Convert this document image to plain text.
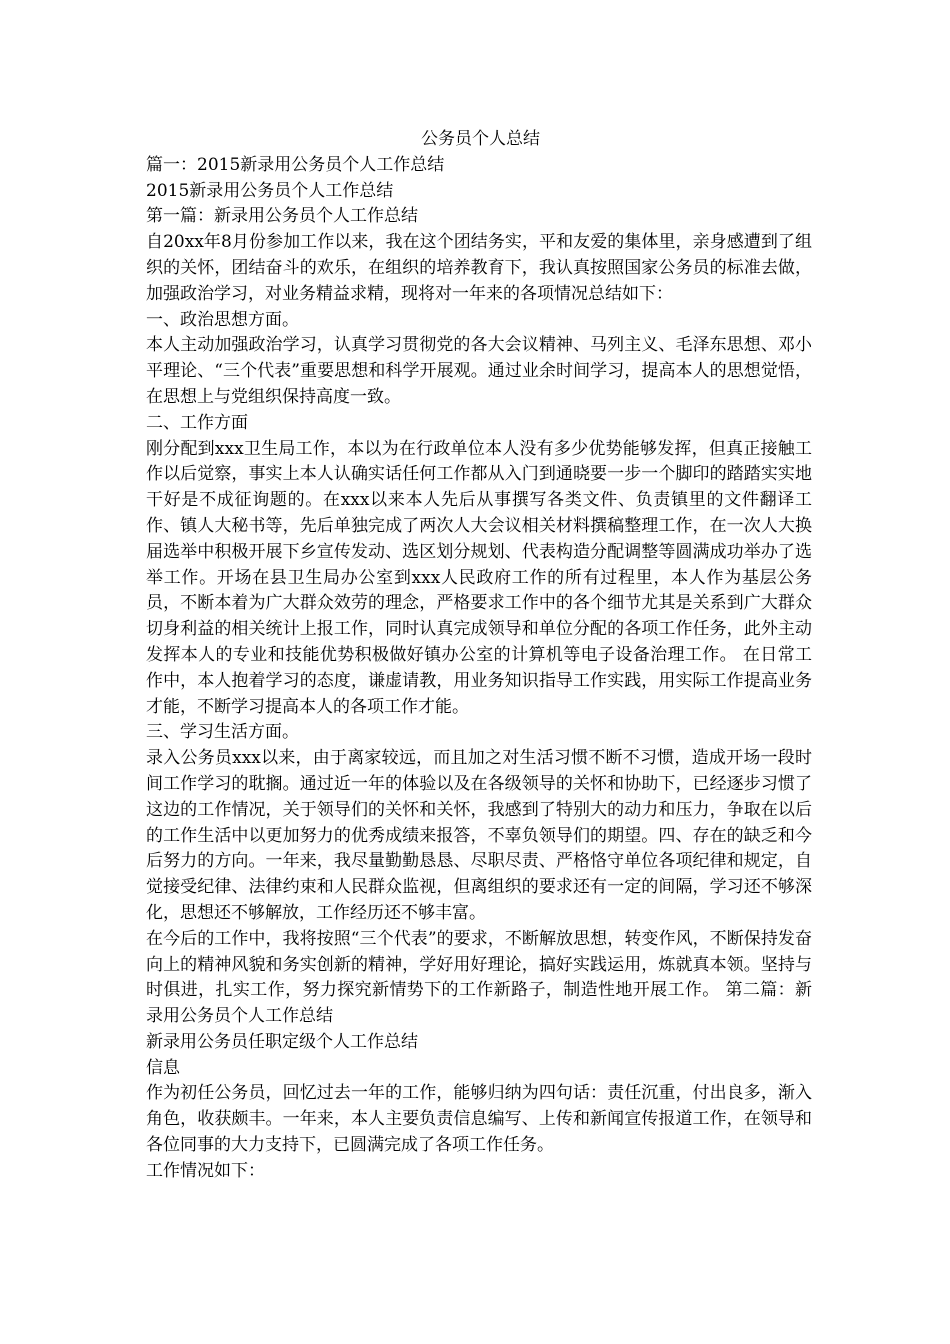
公务员个人总结

篇一：2015新录用公务员个人工作总结

2015新录用公务员个人工作总结

第一篇：新录用公务员个人工作总结

自20xx年8月份参加工作以来，我在这个团结务实，平和友爱的集体里，亲身感遭到了组织的关怀，团结奋斗的欢乐，在组织的培养教育下，我认真按照国家公务员的标准去做，加强政治学习，对业务精益求精，现将对一年来的各项情况总结如下：

一、政治思想方面。

本人主动加强政治学习，认真学习贯彻党的各大会议精神、马列主义、毛泽东思想、邓小平理论、“三个代表”重要思想和科学开展观。通过业余时间学习，提高本人的思想觉悟，在思想上与党组织保持高度一致。

二、工作方面

刚分配到xxx卫生局工作，本以为在行政单位本人没有多少优势能够发挥，但真正接触工作以后觉察，事实上本人认确实话任何工作都从入门到通晓要一步一个脚印的踏踏实实地干好是不成征询题的。在xxx以来本人先后从事撰写各类文件、负责镇里的文件翻译工作、镇人大秘书等，先后单独完成了两次人大会议相关材料撰稿整理工作，在一次人大换届选举中积极开展下乡宣传发动、选区划分规划、代表构造分配调整等圆满成功举办了选举工作。开场在县卫生局办公室到xxx人民政府工作的所有过程里，本人作为基层公务员，不断本着为广大群众效劳的理念，严格要求工作中的各个细节尤其是关系到广大群众切身利益的相关统计上报工作，同时认真完成领导和单位分配的各项工作任务，此外主动发挥本人的专业和技能优势积极做好镇办公室的计算机等电子设备治理工作。 在日常工作中，本人抱着学习的态度，谦虚请教，用业务知识指导工作实践，用实际工作提高业务才能，不断学习提高本人的各项工作才能。

三、学习生活方面。

录入公务员xxx以来，由于离家较远，而且加之对生活习惯不断不习惯，造成开场一段时间工作学习的耽搁。通过近一年的体验以及在各级领导的关怀和协助下，已经逐步习惯了这边的工作情况，关于领导们的关怀和关怀，我感到了特别大的动力和压力，争取在以后的工作生活中以更加努力的优秀成绩来报答，不辜负领导们的期望。四、存在的缺乏和今后努力的方向。一年来，我尽量勤勤恳恳、尽职尽责、严格恪守单位各项纪律和规定，自觉接受纪律、法律约束和人民群众监视，但离组织的要求还有一定的间隔，学习还不够深化，思想还不够解放，工作经历还不够丰富。

在今后的工作中，我将按照“三个代表”的要求，不断解放思想，转变作风，不断保持发奋向上的精神风貌和务实创新的精神，学好用好理论，搞好实践运用，炼就真本领。坚持与时俱进，扎实工作，努力探究新情势下的工作新路子，制造性地开展工作。 第二篇：新录用公务员个人工作总结

新录用公务员任职定级个人工作总结

信息

作为初任公务员，回忆过去一年的工作，能够归纳为四句话：责任沉重，付出良多，渐入角色，收获颇丰。一年来，本人主要负责信息编写、上传和新闻宣传报道工作，在领导和各位同事的大力支持下，已圆满完成了各项工作任务。

工作情况如下：
